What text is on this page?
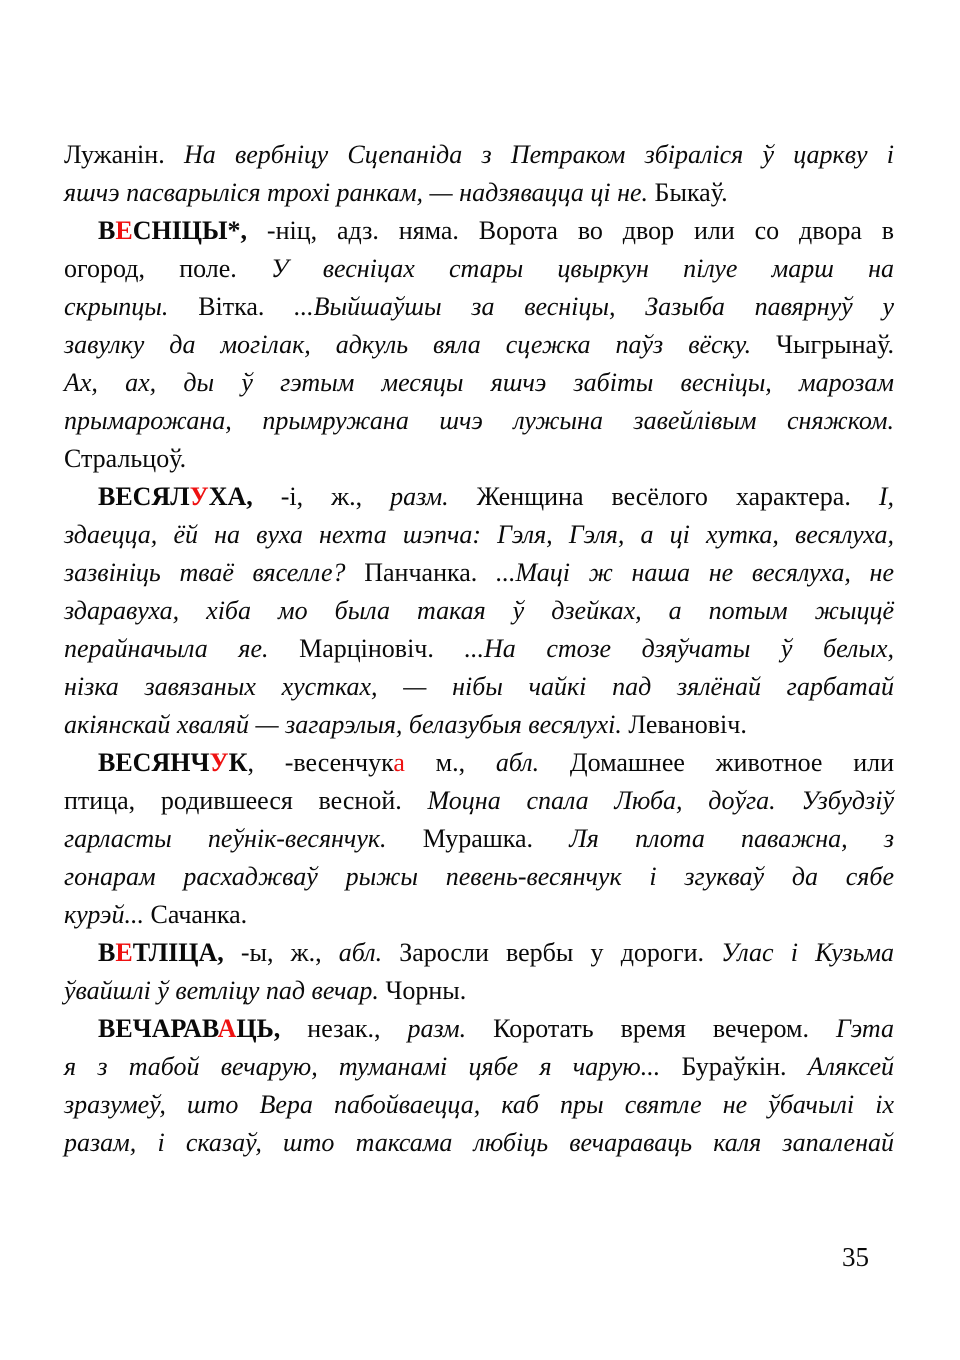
Лужанін. На вербніцу Сцепаніда з Петраком збіраліся ў царкву і
яшчэ пасварыліся трохі ранкам, — надзявацца ці не. Быкаў.
ВЕСНІЦЫ*, -ніц, адз. няма. Ворота во двор или со двора в
огород, поле. У весніцах стары цвыркун пілуе марш на
скрыпцы. Вітка. ...Выйшаўшы за весніцы, Зазыба павярнуў у
завулку да могілак, адкуль вяла сцежка паўз вёску. Чыгрынаў.
Ах, ах, ды ў гэтым месяцы яшчэ забіты весніцы, марозам
прымарожана, прымружана шчэ лужына завейлівым сняжком.
Стральцоў.
ВЕСЯЛУХА, -і, ж., разм. Женщина весёлого характера. І,
здаецца, ёй на вуха нехта шэпча: Гэля, Гэля, а ці хутка, весялуха,
зазвініць тваё вяселле? Панчанка. ...Маці ж наша не весялуха, не
здаравуха, хіба мо была такая ў дзейках, а потым жыццё
перайначыла яе. Марціновіч. ...На стозе дзяўчаты ў белых,
нізка завязаных хустках, — нібы чайкі пад зялёнай гарбатай
акіянскай хваляй — загарэлыя, белазубыя весялухі. Левановіч.
ВЕСЯНЧУК, -весенчука м., абл. Домашнее животное или
птица, родившееся весной. Моцна спала Люба, доўга. Узбудзіў
гарласты пеўнік-весянчук. Мурашка. Ля плота паважна, з
гонарам расхаджваў рыжы певень-весянчук і згукваў да сябе
курэй... Сачанка.
ВЕТЛІЦА, -ы, ж., абл. Заросли вербы у дороги. Улас і Кузьма
ўвайшлі ў ветліцу пад вечар. Чорны.
ВЕЧАРАВАЦЬ, незак., разм. Коротать время вечером. Гэта
я з табой вечарую, туманамі цябе я чарую... Бураўкін. Аляксей
зразумеў, што Вера пабойваецца, каб пры святле не ўбачылі іх
разам, і сказаў, што таксама любіць вечараваць каля запаленай
35
